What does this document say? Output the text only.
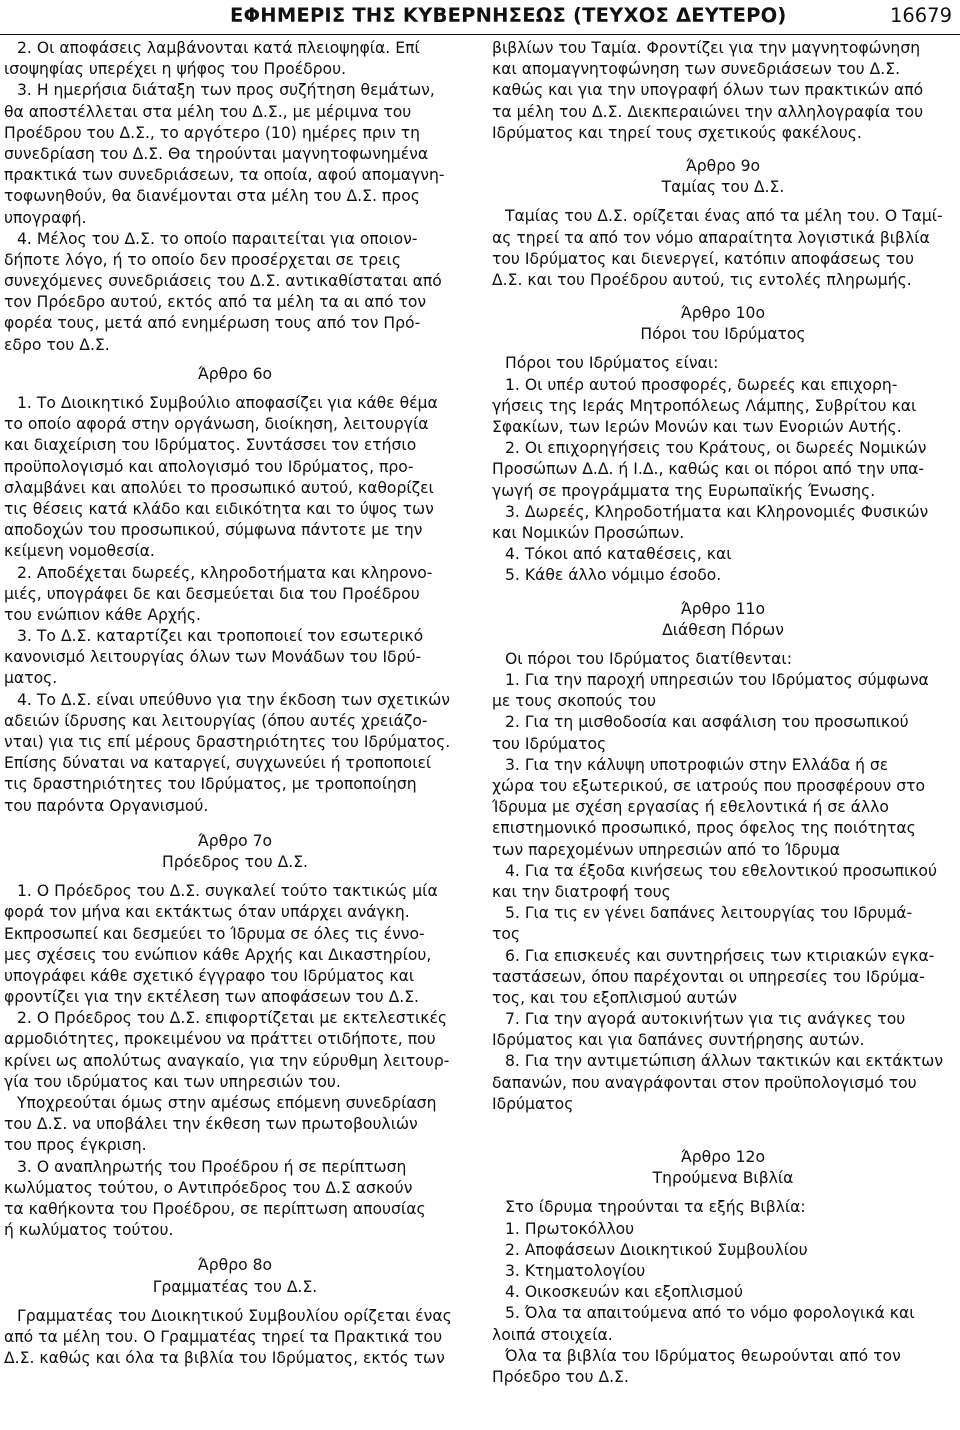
ΕΦΗΜΕΡΙΣ ΤΗΣ ΚΥΒΕΡΝΗΣΕΩΣ (ΤΕΥΧΟΣ ΔΕΥΤΕΡΟ)	16679
2. Οι αποφάσεις λαμβάνονται κατά πλειοψηφία. Επί
ισοψηφίας υπερέχει η ψήφος του Προέδρου.
3. Η ημερήσια διάταξη των προς συζήτηση θεμάτων,
θα αποστέλλεται στα μέλη του Δ.Σ., με μέριμνα του
Προέδρου του Δ.Σ., το αργότερο (10) ημέρες πριν τη
συνεδρίαση του Δ.Σ. Θα τηρούνται μαγνητοφωνημένα
πρακτικά των συνεδριάσεων, τα οποία, αφού απομαγνη-
τοφωνηθούν, θα διανέμονται στα μέλη του Δ.Σ. προς
υπογραφή.
4. Μέλος του Δ.Σ. το οποίο παραιτείται για οποιον-
δήποτε λόγο, ή το οποίο δεν προσέρχεται σε τρεις
συνεχόμενες συνεδριάσεις του Δ.Σ. αντικαθίσταται από
τον Πρόεδρο αυτού, εκτός από τα μέλη τα αι από τον
φορέα τους, μετά από ενημέρωση τους από τον Πρό-
εδρο του Δ.Σ.
Άρθρο 6ο
1. Το Διοικητικό Συμβούλιο αποφασίζει για κάθε θέμα
το οποίο αφορά στην οργάνωση, διοίκηση, λειτουργία
και διαχείριση του Ιδρύματος. Συντάσσει τον ετήσιο
προϋπολογισμό και απολογισμό του Ιδρύματος, προ-
σλαμβάνει και απολύει το προσωπικό αυτού, καθορίζει
τις θέσεις κατά κλάδο και ειδικότητα και το ύψος των
αποδοχών του προσωπικού, σύμφωνα πάντοτε με την
κείμενη νομοθεσία.
2. Αποδέχεται δωρεές, κληροδοτήματα και κληρονο-
μιές, υπογράφει δε και δεσμεύεται δια του Προέδρου
του ενώπιον κάθε Αρχής.
3. Το Δ.Σ. καταρτίζει και τροποποιεί τον εσωτερικό
κανονισμό λειτουργίας όλων των Μονάδων του Ιδρύ-
ματος.
4. Το Δ.Σ. είναι υπεύθυνο για την έκδοση των σχετικών
αδειών ίδρυσης και λειτουργίας (όπου αυτές χρειάζο-
νται) για τις επί μέρους δραστηριότητες του Ιδρύματος.
Επίσης δύναται να καταργεί, συγχωνεύει ή τροποποιεί
τις δραστηριότητες του Ιδρύματος, με τροποποίηση
του παρόντα Οργανισμού.
Άρθρο 7ο
Πρόεδρος του Δ.Σ.
1. Ο Πρόεδρος του Δ.Σ. συγκαλεί τούτο τακτικώς μία
φορά τον μήνα και εκτάκτως όταν υπάρχει ανάγκη.
Εκπροσωπεί και δεσμεύει το Ίδρυμα σε όλες τις έννο-
μες σχέσεις του ενώπιον κάθε Αρχής και Δικαστηρίου,
υπογράφει κάθε σχετικό έγγραφο του Ιδρύματος και
φροντίζει για την εκτέλεση των αποφάσεων του Δ.Σ.
2. Ο Πρόεδρος του Δ.Σ. επιφορτίζεται με εκτελεστικές
αρμοδιότητες, προκειμένου να πράττει οτιδήποτε, που
κρίνει ως απολύτως αναγκαίο, για την εύρυθμη λειτουρ-
γία του ιδρύματος και των υπηρεσιών του.
Υποχρεούται όμως στην αμέσως επόμενη συνεδρίαση
του Δ.Σ. να υποβάλει την έκθεση των πρωτοβουλιών
του προς έγκριση.
3. Ο αναπληρωτής του Προέδρου ή σε περίπτωση
κωλύματος τούτου, ο Αντιπρόεδρος του Δ.Σ ασκούν
τα καθήκοντα του Προέδρου, σε περίπτωση απουσίας
ή κωλύματος τούτου.
Άρθρο 8ο
Γραμματέας του Δ.Σ.
Γραμματέας του Διοικητικού Συμβουλίου ορίζεται ένας
από τα μέλη του. Ο Γραμματέας τηρεί τα Πρακτικά του
Δ.Σ. καθώς και όλα τα βιβλία του Ιδρύματος, εκτός των
βιβλίων του Ταμία. Φροντίζει για την μαγνητοφώνηση
και απομαγνητοφώνηση των συνεδριάσεων του Δ.Σ.
καθώς και για την υπογραφή όλων των πρακτικών από
τα μέλη του Δ.Σ. Διεκπεραιώνει την αλληλογραφία του
Ιδρύματος και τηρεί τους σχετικούς φακέλους.
Άρθρο 9ο
Ταμίας του Δ.Σ.
Ταμίας του Δ.Σ. ορίζεται ένας από τα μέλη του. Ο Ταμί-
ας τηρεί τα από τον νόμο απαραίτητα λογιστικά βιβλία
του Ιδρύματος και διενεργεί, κατόπιν αποφάσεως του
Δ.Σ. και του Προέδρου αυτού, τις εντολές πληρωμής.
Άρθρο 10ο
Πόροι του Ιδρύματος
Πόροι του Ιδρύματος είναι:
1. Οι υπέρ αυτού προσφορές, δωρεές και επιχορη-
γήσεις της Ιεράς Μητροπόλεως Λάμπης, Συβρίτου και
Σφακίων, των Ιερών Μονών και των Ενοριών Αυτής.
2. Οι επιχορηγήσεις του Κράτους, οι δωρεές Νομικών
Προσώπων Δ.Δ. ή Ι.Δ., καθώς και οι πόροι από την υπα-
γωγή σε προγράμματα της Ευρωπαϊκής Ένωσης.
3. Δωρεές, Κληροδοτήματα και Κληρονομιές Φυσικών
και Νομικών Προσώπων.
4. Τόκοι από καταθέσεις, και
5. Κάθε άλλο νόμιμο έσοδο.
Άρθρο 11ο
Διάθεση Πόρων
Οι πόροι του Ιδρύματος διατίθενται:
1. Για την παροχή υπηρεσιών του Ιδρύματος σύμφωνα
με τους σκοπούς του
2. Για τη μισθοδοσία και ασφάλιση του προσωπικού
του Ιδρύματος
3. Για την κάλυψη υποτροφιών στην Ελλάδα ή σε
χώρα του εξωτερικού, σε ιατρούς που προσφέρουν στο
Ίδρυμα με σχέση εργασίας ή εθελοντικά ή σε άλλο
επιστημονικό προσωπικό, προς όφελος της ποιότητας
των παρεχομένων υπηρεσιών από το Ίδρυμα
4. Για τα έξοδα κινήσεως του εθελοντικού προσωπικού
και την διατροφή τους
5. Για τις εν γένει δαπάνες λειτουργίας του Ιδρυμά-
τος
6. Για επισκευές και συντηρήσεις των κτιριακών εγκα-
ταστάσεων, όπου παρέχονται οι υπηρεσίες του Ιδρύμα-
τος, και του εξοπλισμού αυτών
7. Για την αγορά αυτοκινήτων για τις ανάγκες του
Ιδρύματος και για δαπάνες συντήρησης αυτών.
8. Για την αντιμετώπιση άλλων τακτικών και εκτάκτων
δαπανών, που αναγράφονται στον προϋπολογισμό του
Ιδρύματος
Άρθρο 12ο
Τηρούμενα Βιβλία
Στο ίδρυμα τηρούνται τα εξής Βιβλία:
1. Πρωτοκόλλου
2. Αποφάσεων Διοικητικού Συμβουλίου
3. Κτηματολογίου
4. Οικοσκευών και εξοπλισμού
5. Όλα τα απαιτούμενα από το νόμο φορολογικά και
λοιπά στοιχεία.
Όλα τα βιβλία του Ιδρύματος θεωρούνται από τον
Πρόεδρο του Δ.Σ.
